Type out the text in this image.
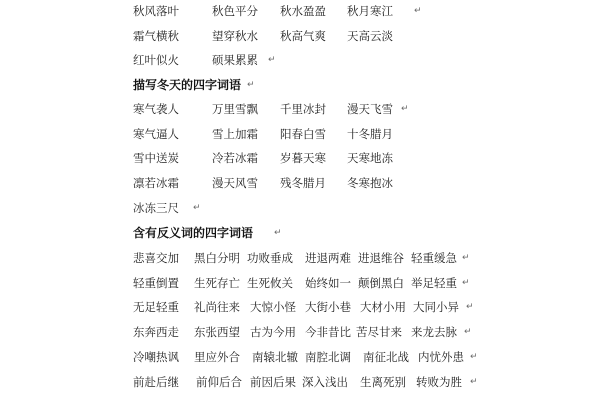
秋风落叶	秋色平分 秋水盈盈 秋月寒江 ↵
霜气横秋	望穿秋水 秋高气爽 天高云淡
红叶似火	硕果累累 ↵
描写冬天的四字词语 ↵
寒气袭人	万里雪飘 千里冰封 漫天飞雪 ↵
寒气逼人	雪上加霜 阳春白雪 十冬腊月
雪中送炭	冷若冰霜 岁暮天寒 天寒地冻
凛若冰霜	漫天风雪 残冬腊月 冬寒抱冰
冰冻三尺 ↵
含有反义词的四字词语 ↵
悲喜交加 黑白分明 功败垂成 进退两难 进退维谷 轻重缓急 ↵
轻重倒置 生死存亡 生死攸关 始终如一 颠倒黑白 举足轻重 ↵
无足轻重 礼尚往来 大惊小怪 大街小巷 大材小用 大同小异 ↵
东奔西走 东张西望 古为今用 今非昔比 苦尽甘来 来龙去脉 ↵
冷嘲热讽 里应外合 南辕北辙 南腔北调 南征北战 内忧外患 ↵
前赴后继 前仰后合 前因后果 深入浅出 生离死别 转败为胜 ↵
